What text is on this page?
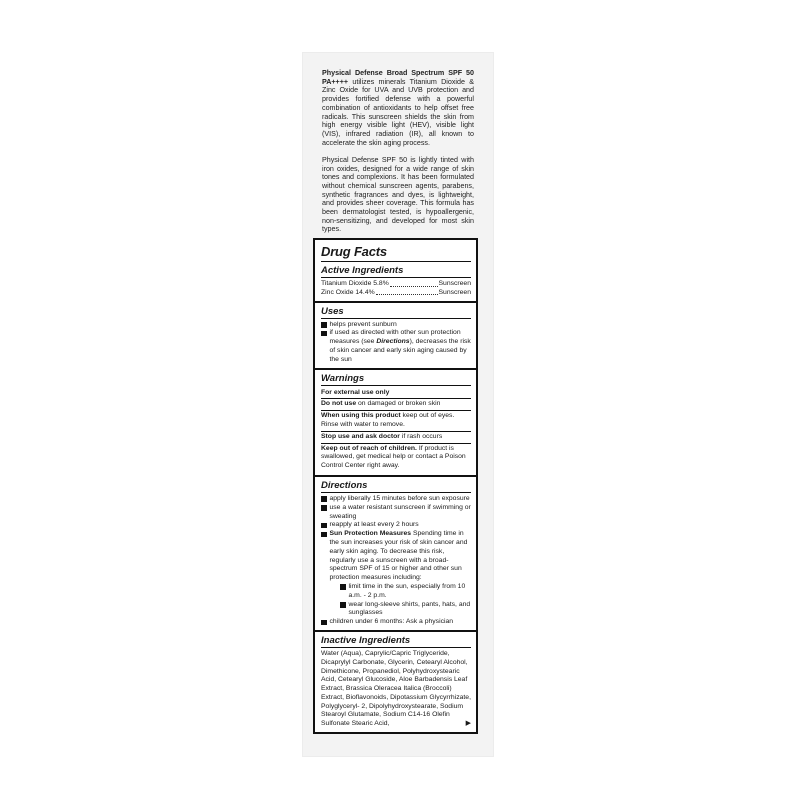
Physical Defense Broad Spectrum SPF 50 PA++++ utilizes minerals Titanium Dioxide & Zinc Oxide for UVA and UVB protection and provides fortified defense with a powerful combination of antioxidants to help offset free radicals. This sunscreen shields the skin from high energy visible light (HEV), visible light (VIS), infrared radiation (IR), all known to accelerate the skin aging process.

Physical Defense SPF 50 is lightly tinted with iron oxides, designed for a wide range of skin tones and complexions. It has been formulated without chemical sunscreen agents, parabens, synthetic fragrances and dyes, is lightweight, and provides sheer coverage. This formula has been dermatologist tested, is hypoallergenic, non-sensitizing, and developed for most skin types.

Drug Facts
Active Ingredients
Titanium Dioxide 5.8%	Sunscreen
Zinc Oxide 14.4%	Sunscreen
Uses
helps prevent sunburn
if used as directed with other sun protection measures (see Directions), decreases the risk of skin cancer and early skin aging caused by the sun
Warnings
For external use only
Do not use on damaged or broken skin
When using this product keep out of eyes. Rinse with water to remove.
Stop use and ask doctor if rash occurs
Keep out of reach of children. If product is swallowed, get medical help or contact a Poison Control Center right away.
Directions
apply liberally 15 minutes before sun exposure
use a water resistant sunscreen if swimming or sweating
reapply at least every 2 hours
Sun Protection Measures Spending time in the sun increases your risk of skin cancer and early skin aging. To decrease this risk, regularly use a sunscreen with a broad-spectrum SPF of 15 or higher and other sun protection measures including:
limit time in the sun, especially from 10 a.m. - 2 p.m.
wear long-sleeve shirts, pants, hats, and sunglasses
children under 6 months: Ask a physician
Inactive Ingredients
Water (Aqua), Caprylic/Capric Triglyceride, Dicaprylyl Carbonate, Glycerin, Cetearyl Alcohol, Dimethicone, Propanediol, Polyhydroxystearic Acid, Cetearyl Glucoside, Aloe Barbadensis Leaf Extract, Brassica Oleracea Italica (Broccoli) Extract, Bioflavonoids, Dipotassium Glycyrrhizate, Polyglyceryl- 2, Dipolyhydroxystearate, Sodium Stearoyl Glutamate, Sodium C14-16 Olefin Sulfonate Stearic Acid,	▶
